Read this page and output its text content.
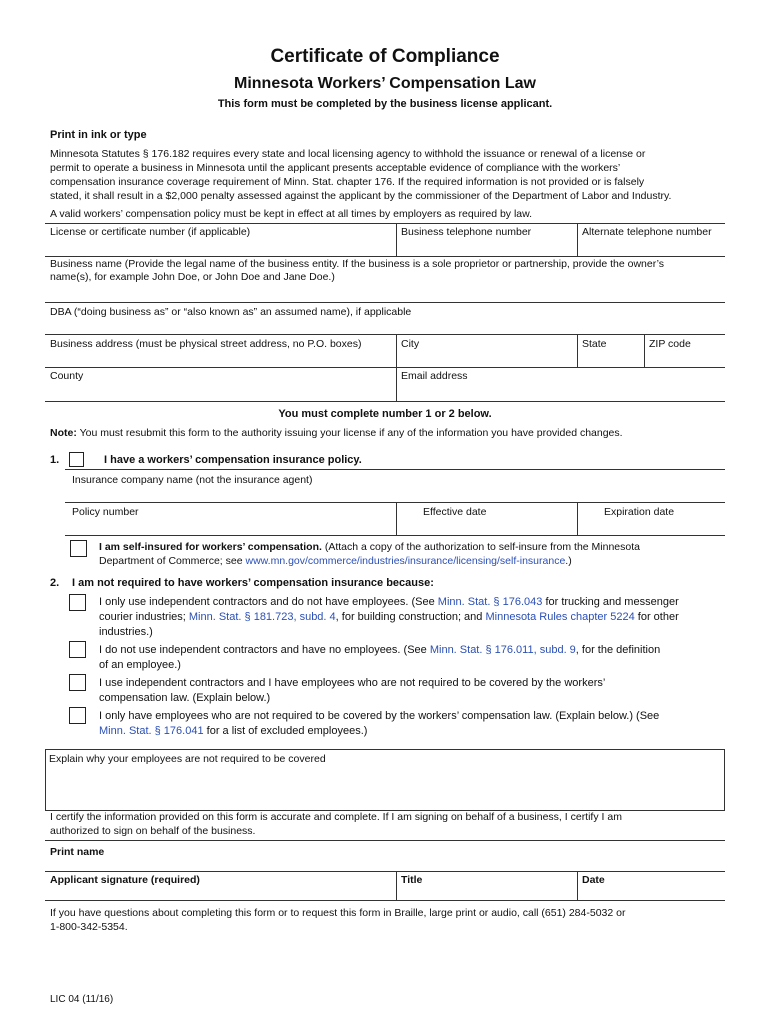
Certificate of Compliance
Minnesota Workers’ Compensation Law
This form must be completed by the business license applicant.
Print in ink or type
Minnesota Statutes § 176.182 requires every state and local licensing agency to withhold the issuance or renewal of a license or
permit to operate a business in Minnesota until the applicant presents acceptable evidence of compliance with the workers’
compensation insurance coverage requirement of Minn. Stat. chapter 176. If the required information is not provided or is falsely
stated, it shall result in a $2,000 penalty assessed against the applicant by the commissioner of the Department of Labor and Industry.
A valid workers’ compensation policy must be kept in effect at all times by employers as required by law.
License or certificate number (if applicable)	Business telephone number	Alternate telephone number
Business name (Provide the legal name of the business entity. If the business is a sole proprietor or partnership, provide the owner’s
name(s), for example John Doe, or John Doe and Jane Doe.)
DBA (“doing business as” or “also known as” an assumed name), if applicable
Business address (must be physical street address, no P.O. boxes)	City	State	ZIP code
County	Email address
You must complete number 1 or 2 below.
Note: You must resubmit this form to the authority issuing your license if any of the information you have provided changes.
1.	I have a workers’ compensation insurance policy.
Insurance company name (not the insurance agent)
Policy number	Effective date	Expiration date
I am self-insured for workers’ compensation. (Attach a copy of the authorization to self-insure from the Minnesota
Department of Commerce; see www.mn.gov/commerce/industries/insurance/licensing/self-insurance.)
2. I am not required to have workers’ compensation insurance because:
I only use independent contractors and do not have employees. (See Minn. Stat. § 176.043 for trucking and messenger
courier industries; Minn. Stat. § 181.723, subd. 4, for building construction; and Minnesota Rules chapter 5224 for other
industries.)
I do not use independent contractors and have no employees. (See Minn. Stat. § 176.011, subd. 9, for the definition
of an employee.)
I use independent contractors and I have employees who are not required to be covered by the workers’
compensation law. (Explain below.)
I only have employees who are not required to be covered by the workers’ compensation law. (Explain below.) (See
Minn. Stat. § 176.041 for a list of excluded employees.)
Explain why your employees are not required to be covered
I certify the information provided on this form is accurate and complete. If I am signing on behalf of a business, I certify I am
authorized to sign on behalf of the business.
Print name
Applicant signature (required)	Title	Date
If you have questions about completing this form or to request this form in Braille, large print or audio, call (651) 284-5032 or
1-800-342-5354.
LIC 04 (11/16)
